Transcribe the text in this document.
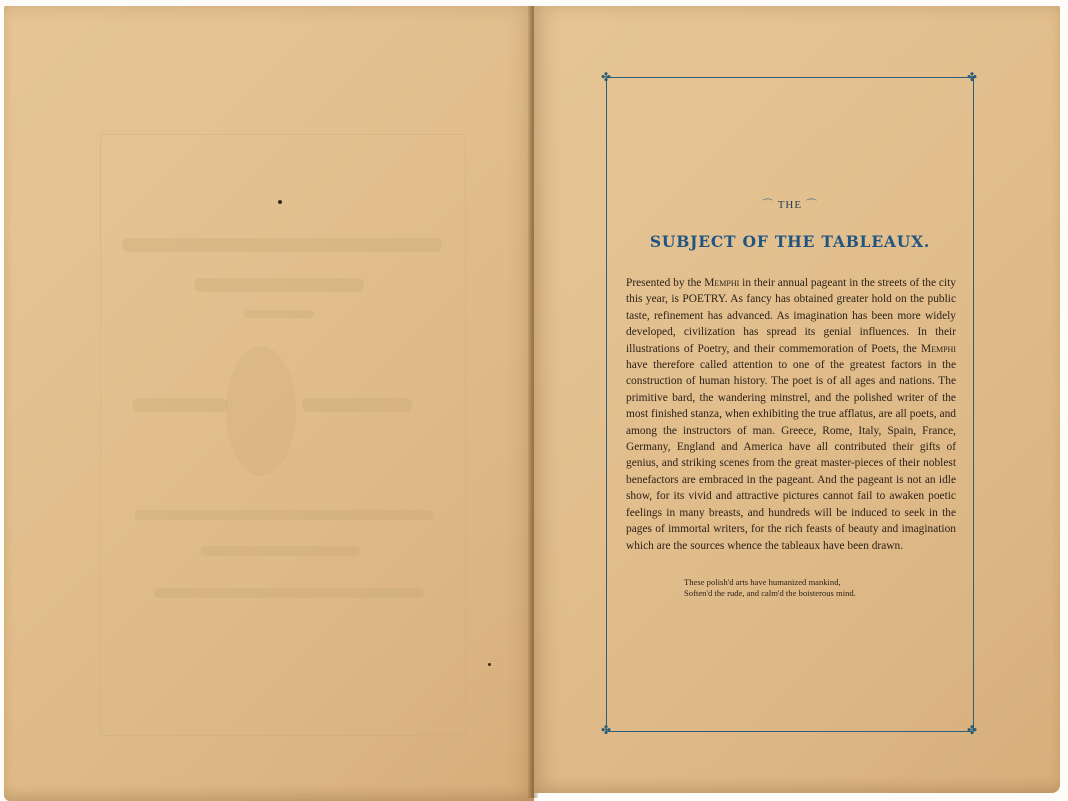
✤	✤
✤	✤
⌒ THE ⌒
SUBJECT OF THE TABLEAUX.

Presented by the Memphi in their annual pageant in the streets of the city this year, is POETRY. As fancy has obtained greater hold on the public taste, refinement has advanced. As imagination has been more widely developed, civilization has spread its genial influences. In their illustrations of Poetry, and their commemoration of Poets, the Memphi have therefore called attention to one of the greatest factors in the construction of human history. The poet is of all ages and nations. The primitive bard, the wandering minstrel, and the polished writer of the most finished stanza, when exhibiting the true afflatus, are all poets, and among the instructors of man. Greece, Rome, Italy, Spain, France, Germany, England and America have all contributed their gifts of genius, and striking scenes from the great master-pieces of their noblest benefactors are embraced in the pageant. And the pageant is not an idle show, for its vivid and attractive pictures cannot fail to awaken poetic feelings in many breasts, and hundreds will be induced to seek in the pages of immortal writers, for the rich feasts of beauty and imagination which are the sources whence the tableaux have been drawn.

These polish'd arts have humanized mankind,
Soften'd the rude, and calm'd the boisterous mind.
